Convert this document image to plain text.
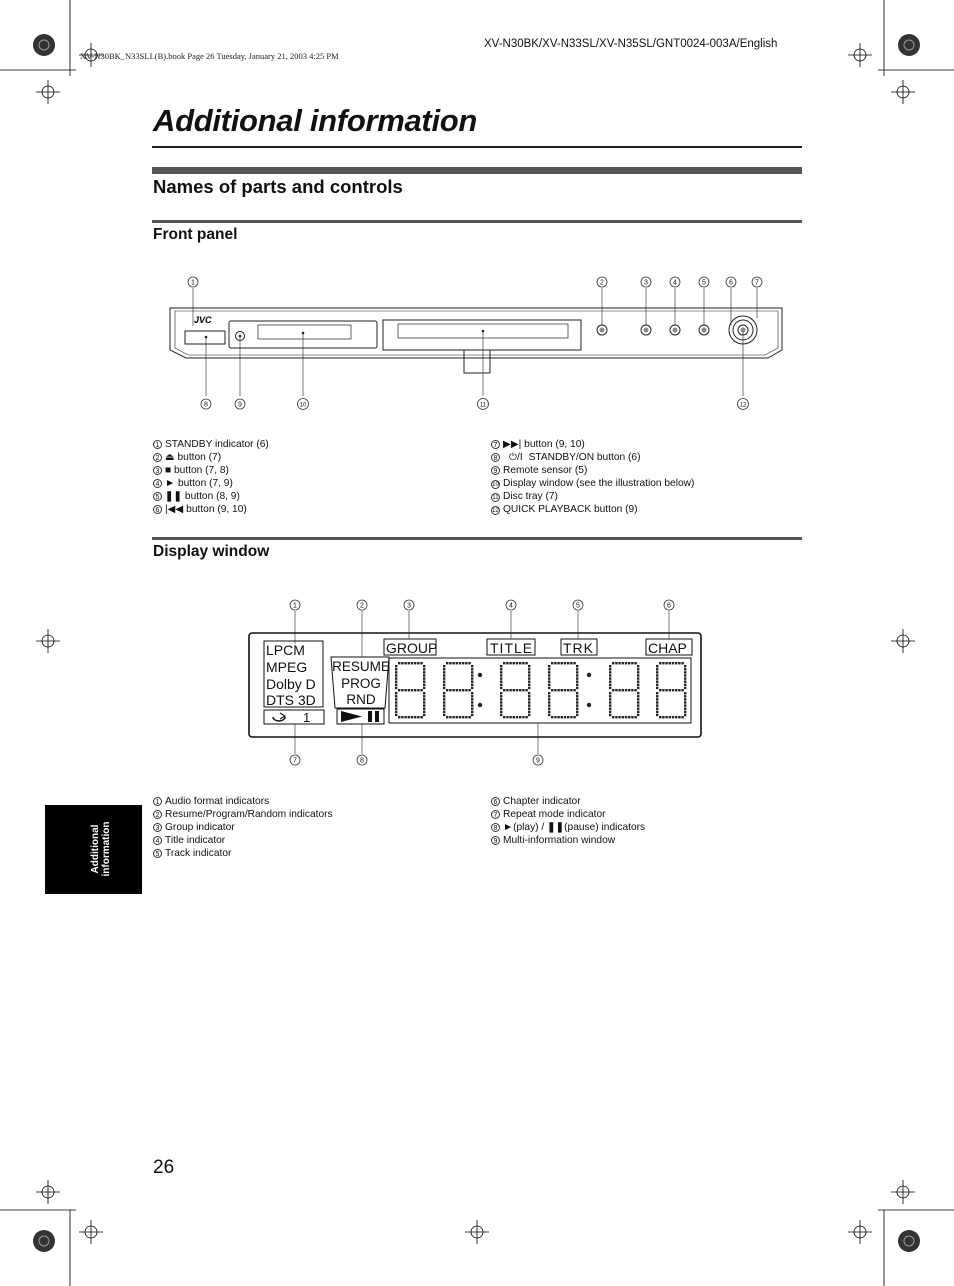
XV-N30BK_N33SLL(B).book Page 26 Tuesday, January 21, 2003 4:25 PM
XV-N30BK/XV-N33SL/XV-N35SL/GNT0024-003A/English
Additional information
Names of parts and controls
Front panel
JVC
1	2	3	4	5	6	7
8	9	10	11	12
1 STANDBY indicator (6)
2 ⏏ button (7)
3 ■ button (7, 8)
4 ► button (7, 9)
5 ❚❚ button (8, 9)
6 |◀◀ button (9, 10)
7 ▶▶| button (9, 10)
8 ⏻/I STANDBY/ON button (6)
9 Remote sensor (5)
10 Display window (see the illustration below)
11 Disc tray (7)
12 QUICK PLAYBACK button (9)
Display window
LPCM
MPEG
Dolby D
DTS 3D
RESUME
PROG
RND
GROUP	TITLE TRK	CHAP
1
1	2	3	4	5	6
7	8	9
1 Audio format indicators
2 Resume/Program/Random indicators
3 Group indicator
4 Title indicator
5 Track indicator
6 Chapter indicator
7 Repeat mode indicator
8 ►(play) / ❚❚(pause) indicators
9 Multi-information window
Additional
information
26
